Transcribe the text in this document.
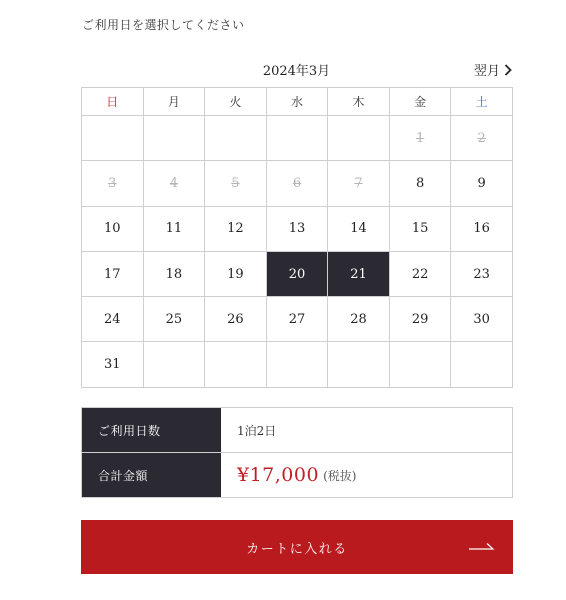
ご利用日を選択してください
2024年3月	翌月
日	月	火	水	木	金	土
					1	2
3	4	5	6	7	8	9
10	11	12	13	14	15	16
17	18	19	20	21	22	23
24	25	26	27	28	29	30
31						
ご利用日数	1泊2日
合計金額	¥17,000 (税抜)
カートに入れる
